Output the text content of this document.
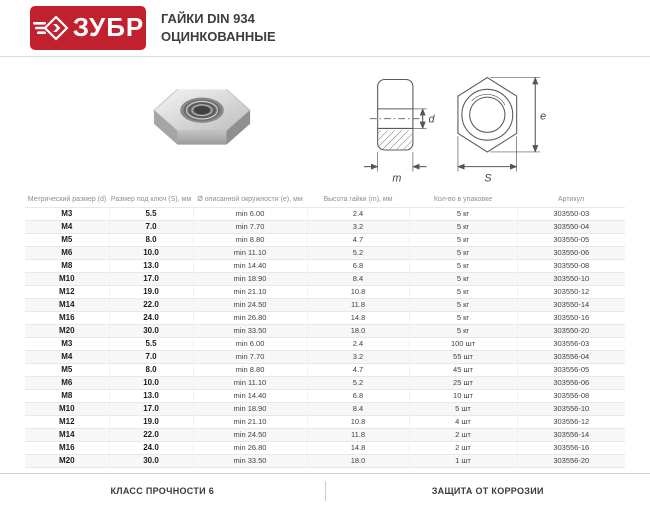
ЗУБР ГАЙКИ DIN 934
ОЦИНКОВАННЫЕ
d
m	S
e
Метрический размер (d)	Размер под ключ (S), мм	Ø описанной окружности (e), мм	Высота гайки (m), мм	Кол-во в упаковке	Артикул
M3	5.5	min 6.00	2.4	5 кг	303550-03
M4	7.0	min 7.70	3.2	5 кг	303550-04
M5	8.0	min 8.80	4.7	5 кг	303550-05
M6	10.0	min 11.10	5.2	5 кг	303550-06
M8	13.0	min 14.40	6.8	5 кг	303550-08
M10	17.0	min 18.90	8.4	5 кг	303550-10
M12	19.0	min 21.10	10.8	5 кг	303550-12
M14	22.0	min 24.50	11.8	5 кг	303550-14
M16	24.0	min 26.80	14.8	5 кг	303550-16
M20	30.0	min 33.50	18.0	5 кг	303550-20
M3	5.5	min 6.00	2.4	100 шт	303556-03
M4	7.0	min 7.70	3.2	55 шт	303556-04
M5	8.0	min 8.80	4.7	45 шт	303556-05
M6	10.0	min 11.10	5.2	25 шт	303556-06
M8	13.0	min 14.40	6.8	10 шт	303556-08
M10	17.0	min 18.90	8.4	5 шт	303556-10
M12	19.0	min 21.10	10.8	4 шт	303556-12
M14	22.0	min 24.50	11.8	2 шт	303556-14
M16	24.0	min 26.80	14.8	2 шт	303556-16
M20	30.0	min 33.50	18.0	1 шт	303556-20
КЛАСС ПРОЧНОСТИ 6	ЗАЩИТА ОТ КОРРОЗИИ
